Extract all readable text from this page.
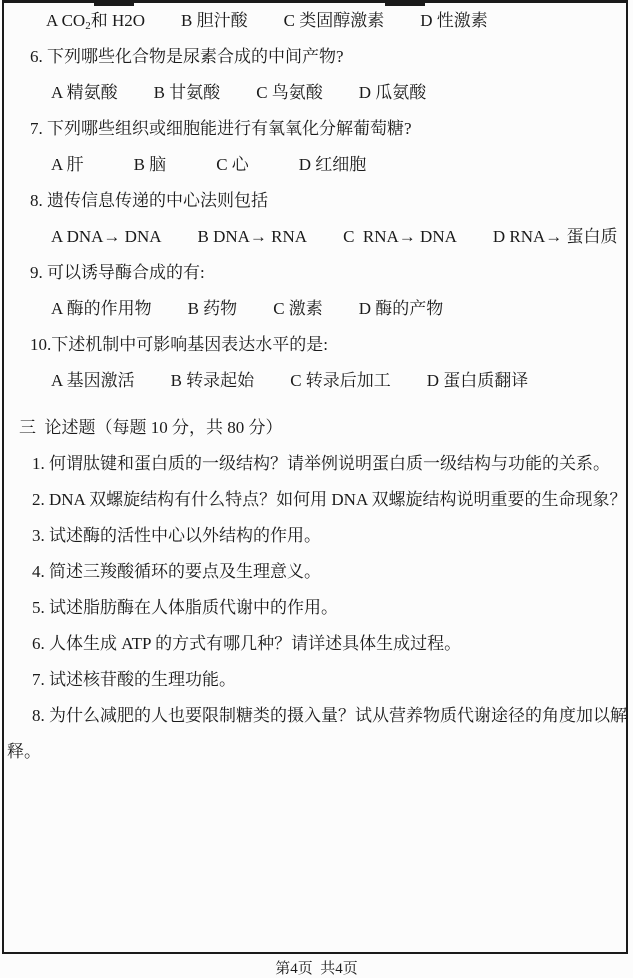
A $CO_2$和 H2O B 胆汁酸 C 类固醇激素 D 性激素
6. 下列哪些化合物是尿素合成的中间产物?
A 精氨酸 B 甘氨酸 C 鸟氨酸 D 瓜氨酸
7. 下列哪些组织或细胞能进行有氧氧化分解葡萄糖?
A 肝	B 脑	C 心	D 红细胞
8. 遗传信息传递的中心法则包括
A DNA→ DNA B DNA→ RNA C  RNA→ DNA D RNA→ 蛋白质
9. 可以诱导酶合成的有:
A 酶的作用物 B 药物 C 激素 D 酶的产物
10.下述机制中可影响基因表达水平的是:
A 基因激活 B 转录起始 C 转录后加工 D 蛋白质翻译
三  论述题（每题 10 分，共 80 分）
1. 何谓肽键和蛋白质的一级结构？请举例说明蛋白质一级结构与功能的关系。
2. DNA 双螺旋结构有什么特点？如何用 DNA 双螺旋结构说明重要的生命现象？
3. 试述酶的活性中心以外结构的作用。
4. 简述三羧酸循环的要点及生理意义。
5. 试述脂肪酶在人体脂质代谢中的作用。
6. 人体生成 ATP 的方式有哪几种？请详述具体生成过程。
7. 试述核苷酸的生理功能。
8. 为什么减肥的人也要限制糖类的摄入量？试从营养物质代谢途径的角度加以解
释。
第4页  共4页
